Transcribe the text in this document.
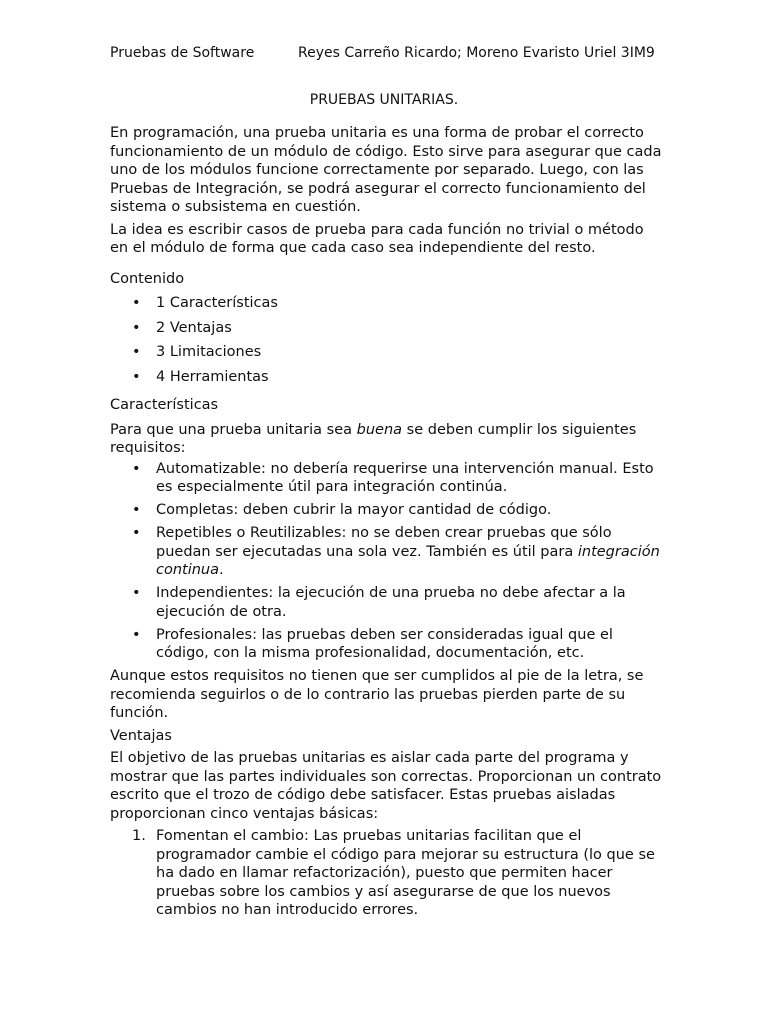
Pruebas de Software	Reyes Carreño Ricardo; Moreno Evaristo Uriel 3IM9
PRUEBAS UNITARIAS.

En programación, una prueba unitaria es una forma de probar el correcto funcionamiento de un módulo de código. Esto sirve para asegurar que cada uno de los módulos funcione correctamente por separado. Luego, con las Pruebas de Integración, se podrá asegurar el correcto funcionamiento del sistema o subsistema en cuestión.

La idea es escribir casos de prueba para cada función no trivial o método en el módulo de forma que cada caso sea independiente del resto.

Contenido

• 1 Características
• 2 Ventajas
• 3 Limitaciones
• 4 Herramientas

Características

Para que una prueba unitaria sea buena se deben cumplir los siguientes requisitos:

• Automatizable: no debería requerirse una intervención manual. Esto es especialmente útil para integración continúa.
• Completas: deben cubrir la mayor cantidad de código.
• Repetibles o Reutilizables: no se deben crear pruebas que sólo puedan ser ejecutadas una sola vez. También es útil para integración continua.
• Independientes: la ejecución de una prueba no debe afectar a la ejecución de otra.
• Profesionales: las pruebas deben ser consideradas igual que el código, con la misma profesionalidad, documentación, etc.

Aunque estos requisitos no tienen que ser cumplidos al pie de la letra, se recomienda seguirlos o de lo contrario las pruebas pierden parte de su función.

Ventajas

El objetivo de las pruebas unitarias es aislar cada parte del programa y mostrar que las partes individuales son correctas. Proporcionan un contrato escrito que el trozo de código debe satisfacer. Estas pruebas aisladas proporcionan cinco ventajas básicas:

1. Fomentan el cambio: Las pruebas unitarias facilitan que el programador cambie el código para mejorar su estructura (lo que se ha dado en llamar refactorización), puesto que permiten hacer pruebas sobre los cambios y así asegurarse de que los nuevos cambios no han introducido errores.
